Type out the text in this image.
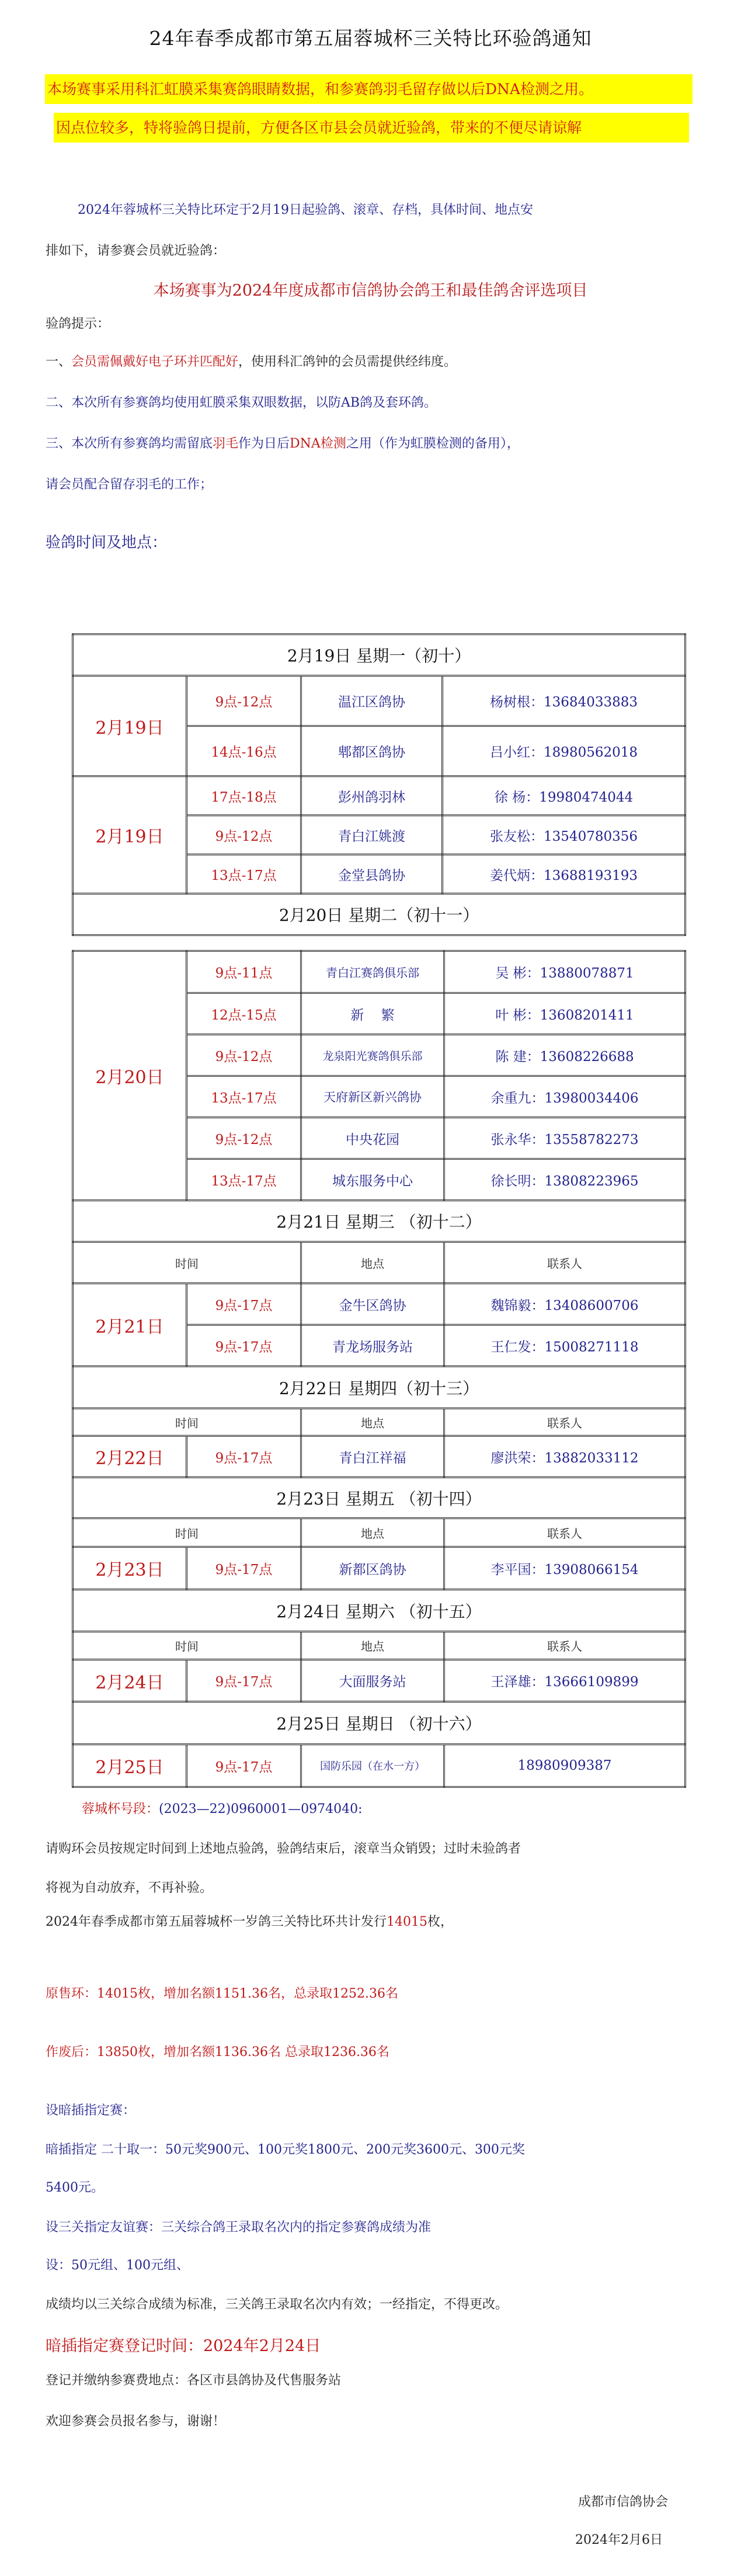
24年春季成都市第五届蓉城杯三关特比环验鸽通知
本场赛事采用科汇虹膜采集赛鸽眼睛数据，和参赛鸽羽毛留存做以后DNA检测之用。
因点位较多，特将验鸽日提前，方便各区市县会员就近验鸽，带来的不便尽请谅解
2024年蓉城杯三关特比环定于2月19日起验鸽、滚章、存档，具体时间、地点安
排如下，请参赛会员就近验鸽：
本场赛事为2024年度成都市信鸽协会鸽王和最佳鸽舍评选项目
验鸽提示：
一、会员需佩戴好电子环并匹配好，使用科汇鸽钟的会员需提供经纬度。
二、本次所有参赛鸽均使用虹膜采集双眼数据，以防AB鸽及套环鸽。
三、本次所有参赛鸽均需留底羽毛作为日后DNA检测之用（作为虹膜检测的备用），
请会员配合留存羽毛的工作；
验鸽时间及地点：
2月19日 星期一（初十）			
2月19日	9点-12点	温江区鸽协	杨树根：13684033883
	14点-16点	郫都区鸽协	吕小红：18980562018
2月19日	17点-18点	彭州鸽羽林	徐 杨：19980474044
	9点-12点	青白江姚渡	张友松：13540780356
	13点-17点	金堂县鸽协	姜代炳：13688193193
2月20日 星期二（初十一）			
2月20日	9点-11点	青白江赛鸽俱乐部	吴 彬：13880078871
	12点-15点	新    繁	叶 彬：13608201411
	9点-12点	龙泉阳光赛鸽俱乐部	陈 建：13608226688
	13点-17点	天府新区新兴鸽协	余重九：13980034406
	9点-12点	中央花园	张永华：13558782273
	13点-17点	城东服务中心	徐长明：13808223965
2月21日 星期三 （初十二）			
时间		地点	联系人
2月21日	9点-17点	金牛区鸽协	魏锦毅：13408600706
	9点-17点	青龙场服务站	王仁发：15008271118
2月22日 星期四（初十三）			
时间		地点	联系人
2月22日	9点-17点	青白江祥福	廖洪荣：13882033112
2月23日 星期五 （初十四）			
时间		地点	联系人
2月23日	9点-17点	新都区鸽协	李平国：13908066154
2月24日 星期六 （初十五）			
时间		地点	联系人
2月24日	9点-17点	大面服务站	王泽雄：13666109899
2月25日 星期日 （初十六）			
2月25日	9点-17点	国防乐园（在水一方）	18980909387
蓉城杯号段：(2023—22)0960001—0974040:
请购环会员按规定时间到上述地点验鸽，验鸽结束后，滚章当众销毁；过时未验鸽者
将视为自动放弃，不再补验。
2024年春季成都市第五届蓉城杯一岁鸽三关特比环共计发行14015枚，
原售环：14015枚，增加名额1151.36名，总录取1252.36名
作废后：13850枚，增加名额1136.36名 总录取1236.36名
设暗插指定赛：
暗插指定 二十取一：50元奖900元、100元奖1800元、200元奖3600元、300元奖
5400元。
设三关指定友谊赛：三关综合鸽王录取名次内的指定参赛鸽成绩为准
设：50元组、100元组、
成绩均以三关综合成绩为标准，三关鸽王录取名次内有效；一经指定，不得更改。
暗插指定赛登记时间：2024年2月24日
登记并缴纳参赛费地点：各区市县鸽协及代售服务站
欢迎参赛会员报名参与，谢谢！
成都市信鸽协会
2024年2月6日
